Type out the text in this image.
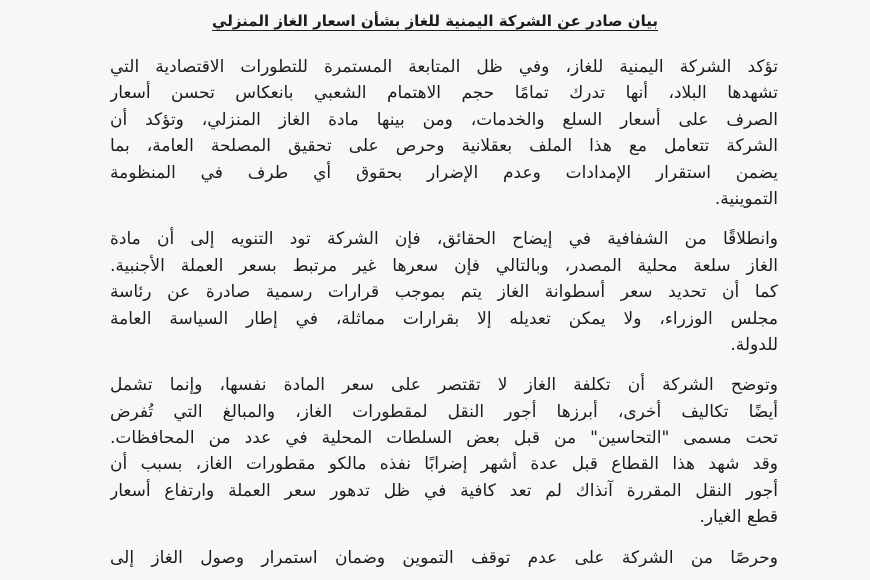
بيان صادر عن الشركة اليمنية للغاز بشأن اسعار الغاز المنزلي
تؤكد الشركة اليمنية للغاز، وفي ظل المتابعة المستمرة للتطورات الاقتصادية التي
تشهدها البلاد، أنها تدرك تمامًا حجم الاهتمام الشعبي بانعكاس تحسن أسعار
الصرف على أسعار السلع والخدمات، ومن بينها مادة الغاز المنزلي، وتؤكد أن
الشركة تتعامل مع هذا الملف بعقلانية وحرص على تحقيق المصلحة العامة، بما
يضمن استقرار الإمدادات وعدم الإضرار بحقوق أي طرف في المنظومة
التموينية.
وانطلاقًا من الشفافية في إيضاح الحقائق، فإن الشركة تود التنويه إلى أن مادة
الغاز سلعة محلية المصدر، وبالتالي فإن سعرها غير مرتبط بسعر العملة الأجنبية.
كما أن تحديد سعر أسطوانة الغاز يتم بموجب قرارات رسمية صادرة عن رئاسة
مجلس الوزراء، ولا يمكن تعديله إلا بقرارات مماثلة، في إطار السياسة العامة
للدولة.
وتوضح الشركة أن تكلفة الغاز لا تقتصر على سعر المادة نفسها، وإنما تشمل
أيضًا تكاليف أخرى، أبرزها أجور النقل لمقطورات الغاز، والمبالغ التي تُفرض
تحت مسمى "التحاسين" من قبل بعض السلطات المحلية في عدد من المحافظات.
وقد شهد هذا القطاع قبل عدة أشهر إضرابًا نفذه مالكو مقطورات الغاز، بسبب أن
أجور النقل المقررة آنذاك لم تعد كافية في ظل تدهور سعر العملة وارتفاع أسعار
قطع الغيار.
وحرصًا من الشركة على عدم توقف التموين وضمان استمرار وصول الغاز إلى
